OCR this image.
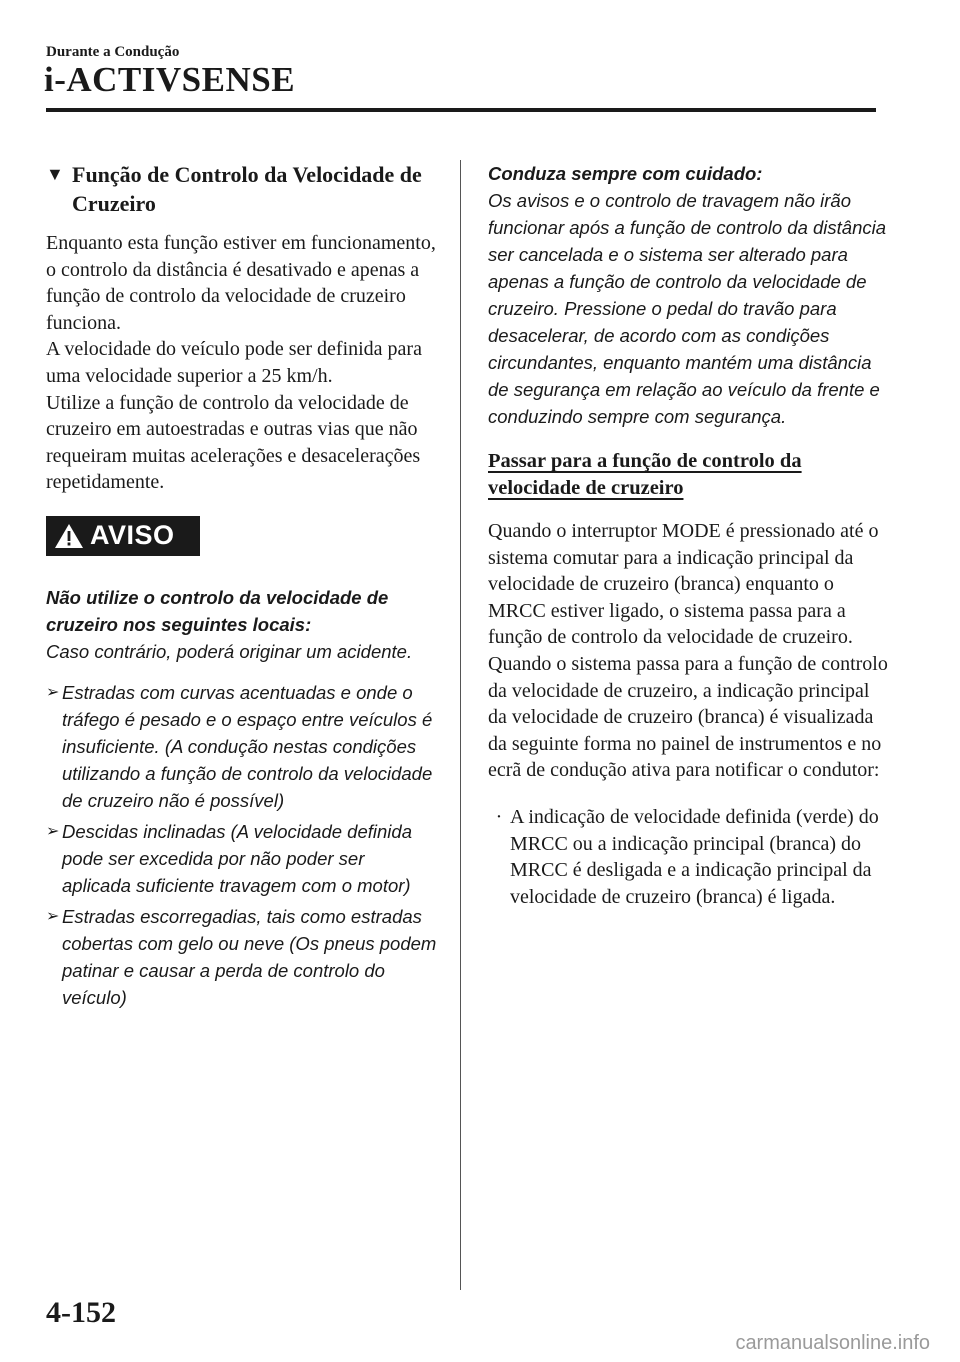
Durante a Condução
i-ACTIVSENSE
▼ Função de Controlo da Velocidade de Cruzeiro

Enquanto esta função estiver em funcionamento, o controlo da distância é desativado e apenas a função de controlo da velocidade de cruzeiro funciona.

A velocidade do veículo pode ser definida para uma velocidade superior a 25 km/h.

Utilize a função de controlo da velocidade de cruzeiro em autoestradas e outras vias que não requeiram muitas acelerações e desacelerações repetidamente.

AVISO
Não utilize o controlo da velocidade de cruzeiro nos seguintes locais:
Caso contrário, poderá originar um acidente.
➢ Estradas com curvas acentuadas e onde o tráfego é pesado e o espaço entre veículos é insuficiente. (A condução nestas condições utilizando a função de controlo da velocidade de cruzeiro não é possível)
➢ Descidas inclinadas (A velocidade definida pode ser excedida por não poder ser aplicada suficiente travagem com o motor)
➢ Estradas escorregadias, tais como estradas cobertas com gelo ou neve (Os pneus podem patinar e causar a perda de controlo do veículo)
Conduza sempre com cuidado:
Os avisos e o controlo de travagem não irão funcionar após a função de controlo da distância ser cancelada e o sistema ser alterado para apenas a função de controlo da velocidade de cruzeiro. Pressione o pedal do travão para desacelerar, de acordo com as condições circundantes, enquanto mantém uma distância de segurança em relação ao veículo da frente e conduzindo sempre com segurança.
Passar para a função de controlo da velocidade de cruzeiro

Quando o interruptor MODE é pressionado até o sistema comutar para a indicação principal da velocidade de cruzeiro (branca) enquanto o MRCC estiver ligado, o sistema passa para a função de controlo da velocidade de cruzeiro.

Quando o sistema passa para a função de controlo da velocidade de cruzeiro, a indicação principal da velocidade de cruzeiro (branca) é visualizada da seguinte forma no painel de instrumentos e no ecrã de condução ativa para notificar o condutor:

· A indicação de velocidade definida (verde) do MRCC ou a indicação principal (branca) do MRCC é desligada e a indicação principal da velocidade de cruzeiro (branca) é ligada.
4-152
carmanualsonline.info
